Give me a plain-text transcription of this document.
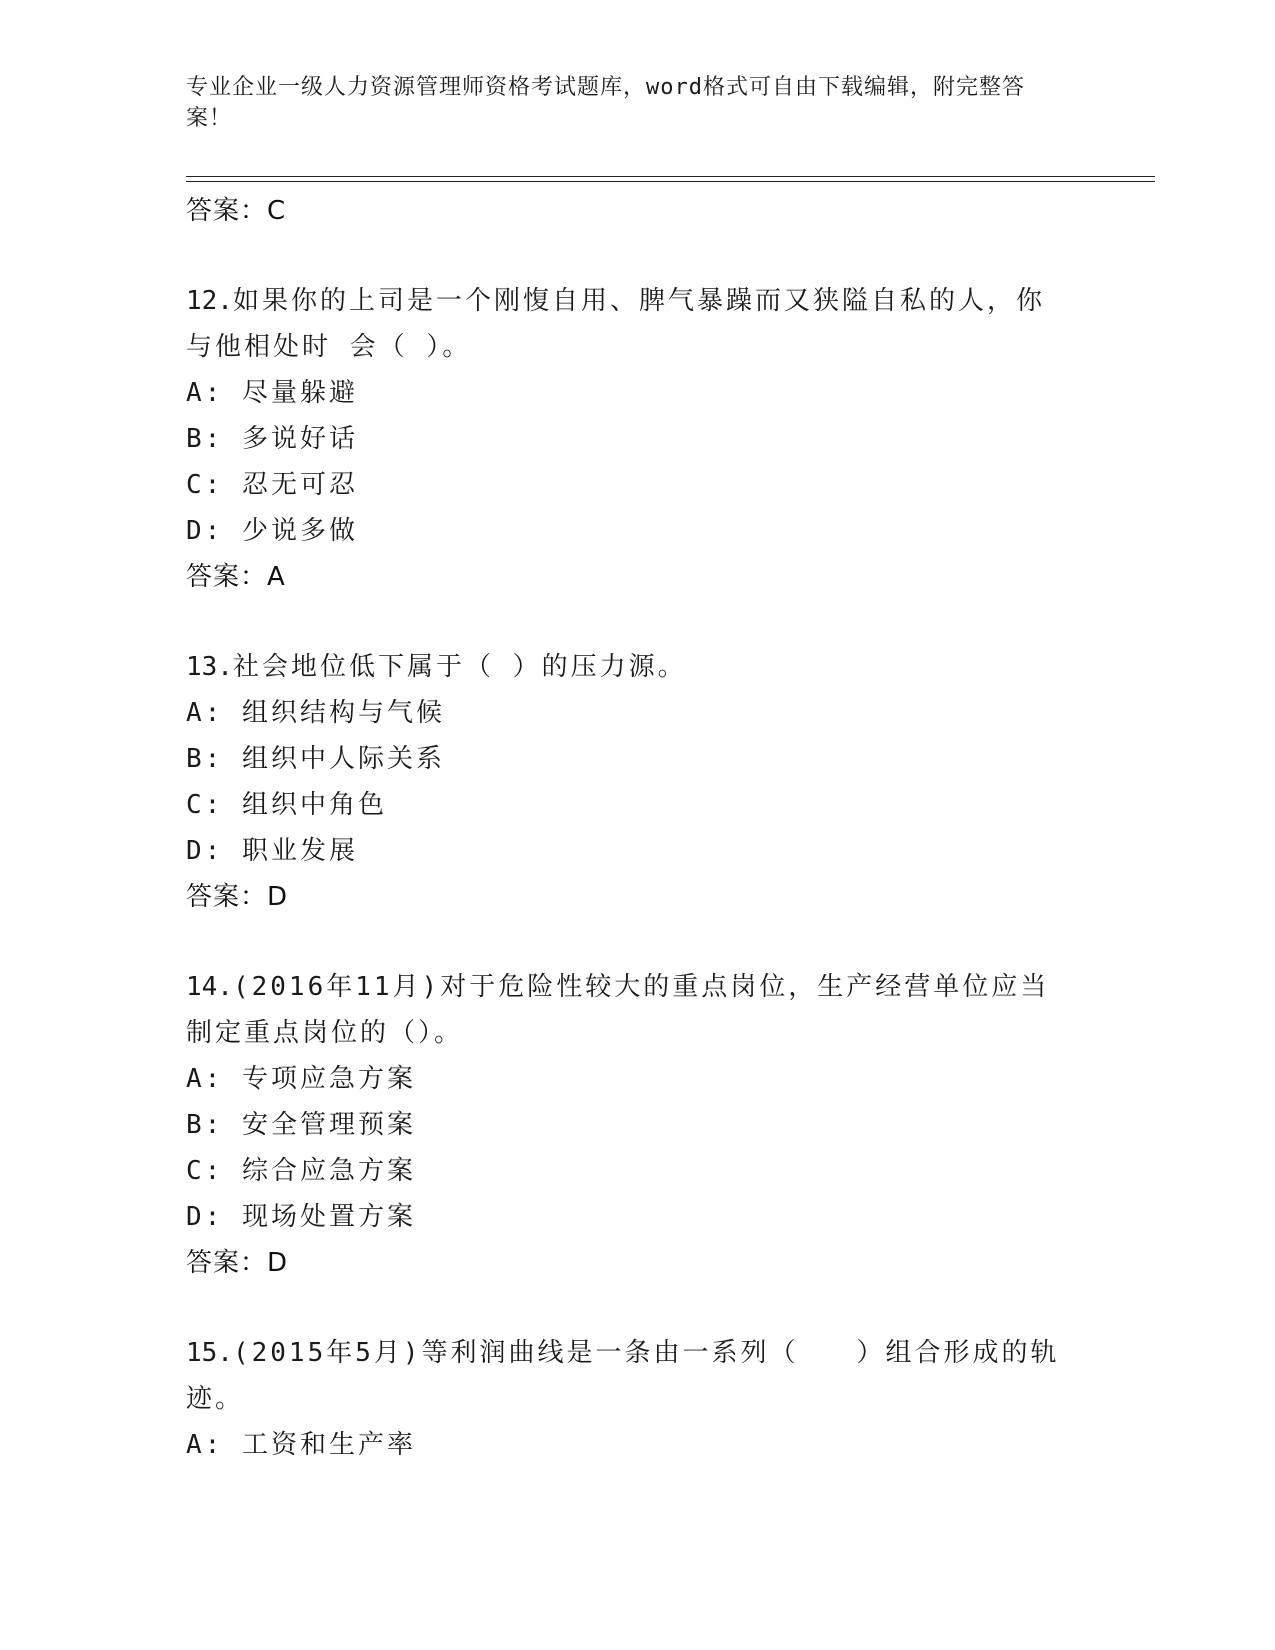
专业企业一级人力资源管理师资格考试题库，word格式可自由下载编辑，附完整答案！
答案：C
12.如果你的上司是一个刚愎自用、脾气暴躁而又狭隘自私的人，你与他相处时 会（ ）。
A: 尽量躲避
B: 多说好话
C: 忍无可忍
D: 少说多做
答案：A
13.社会地位低下属于（ ）的压力源。
A: 组织结构与气候
B: 组织中人际关系
C: 组织中角色
D: 职业发展
答案：D
14.(2016年11月)对于危险性较大的重点岗位，生产经营单位应当制定重点岗位的（）。
A: 专项应急方案
B: 安全管理预案
C: 综合应急方案
D: 现场处置方案
答案：D
15.(2015年5月)等利润曲线是一条由一系列（　　）组合形成的轨迹。
A: 工资和生产率
